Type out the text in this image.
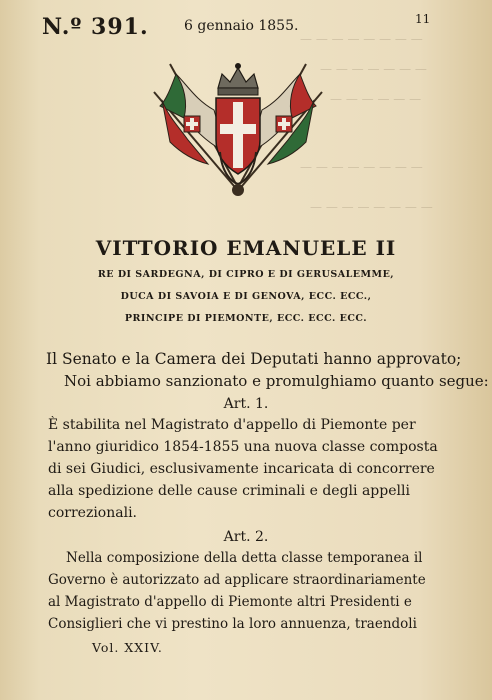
— — — — — — — —
— — — — — — —
— — — — — —
— — — — — — — —
— — — — — — — —
N.º 391.	6 gennaio 1855.	11
VITTORIO EMANUELE II
RE DI SARDEGNA, DI CIPRO E DI GERUSALEMME,
DUCA DI SAVOIA E DI GENOVA, ECC. ECC.,
PRINCIPE DI PIEMONTE, ECC. ECC. ECC.
Il Senato e la Camera dei Deputati hanno approvato;
Noi abbiamo sanzionato e promulghiamo quanto segue:
Art. 1.
È stabilita nel Magistrato d'appello di Piemonte per
l'anno giuridico 1854-1855 una nuova classe composta
di sei Giudici, esclusivamente incaricata di concorrere
alla spedizione delle cause criminali e degli appelli
correzionali.
Art. 2.
Nella composizione della detta classe temporanea il
Governo è autorizzato ad applicare straordinariamente
al Magistrato d'appello di Piemonte altri Presidenti e
Consiglieri che vi prestino la loro annuenza, traendoli
Vol. XXIV.
